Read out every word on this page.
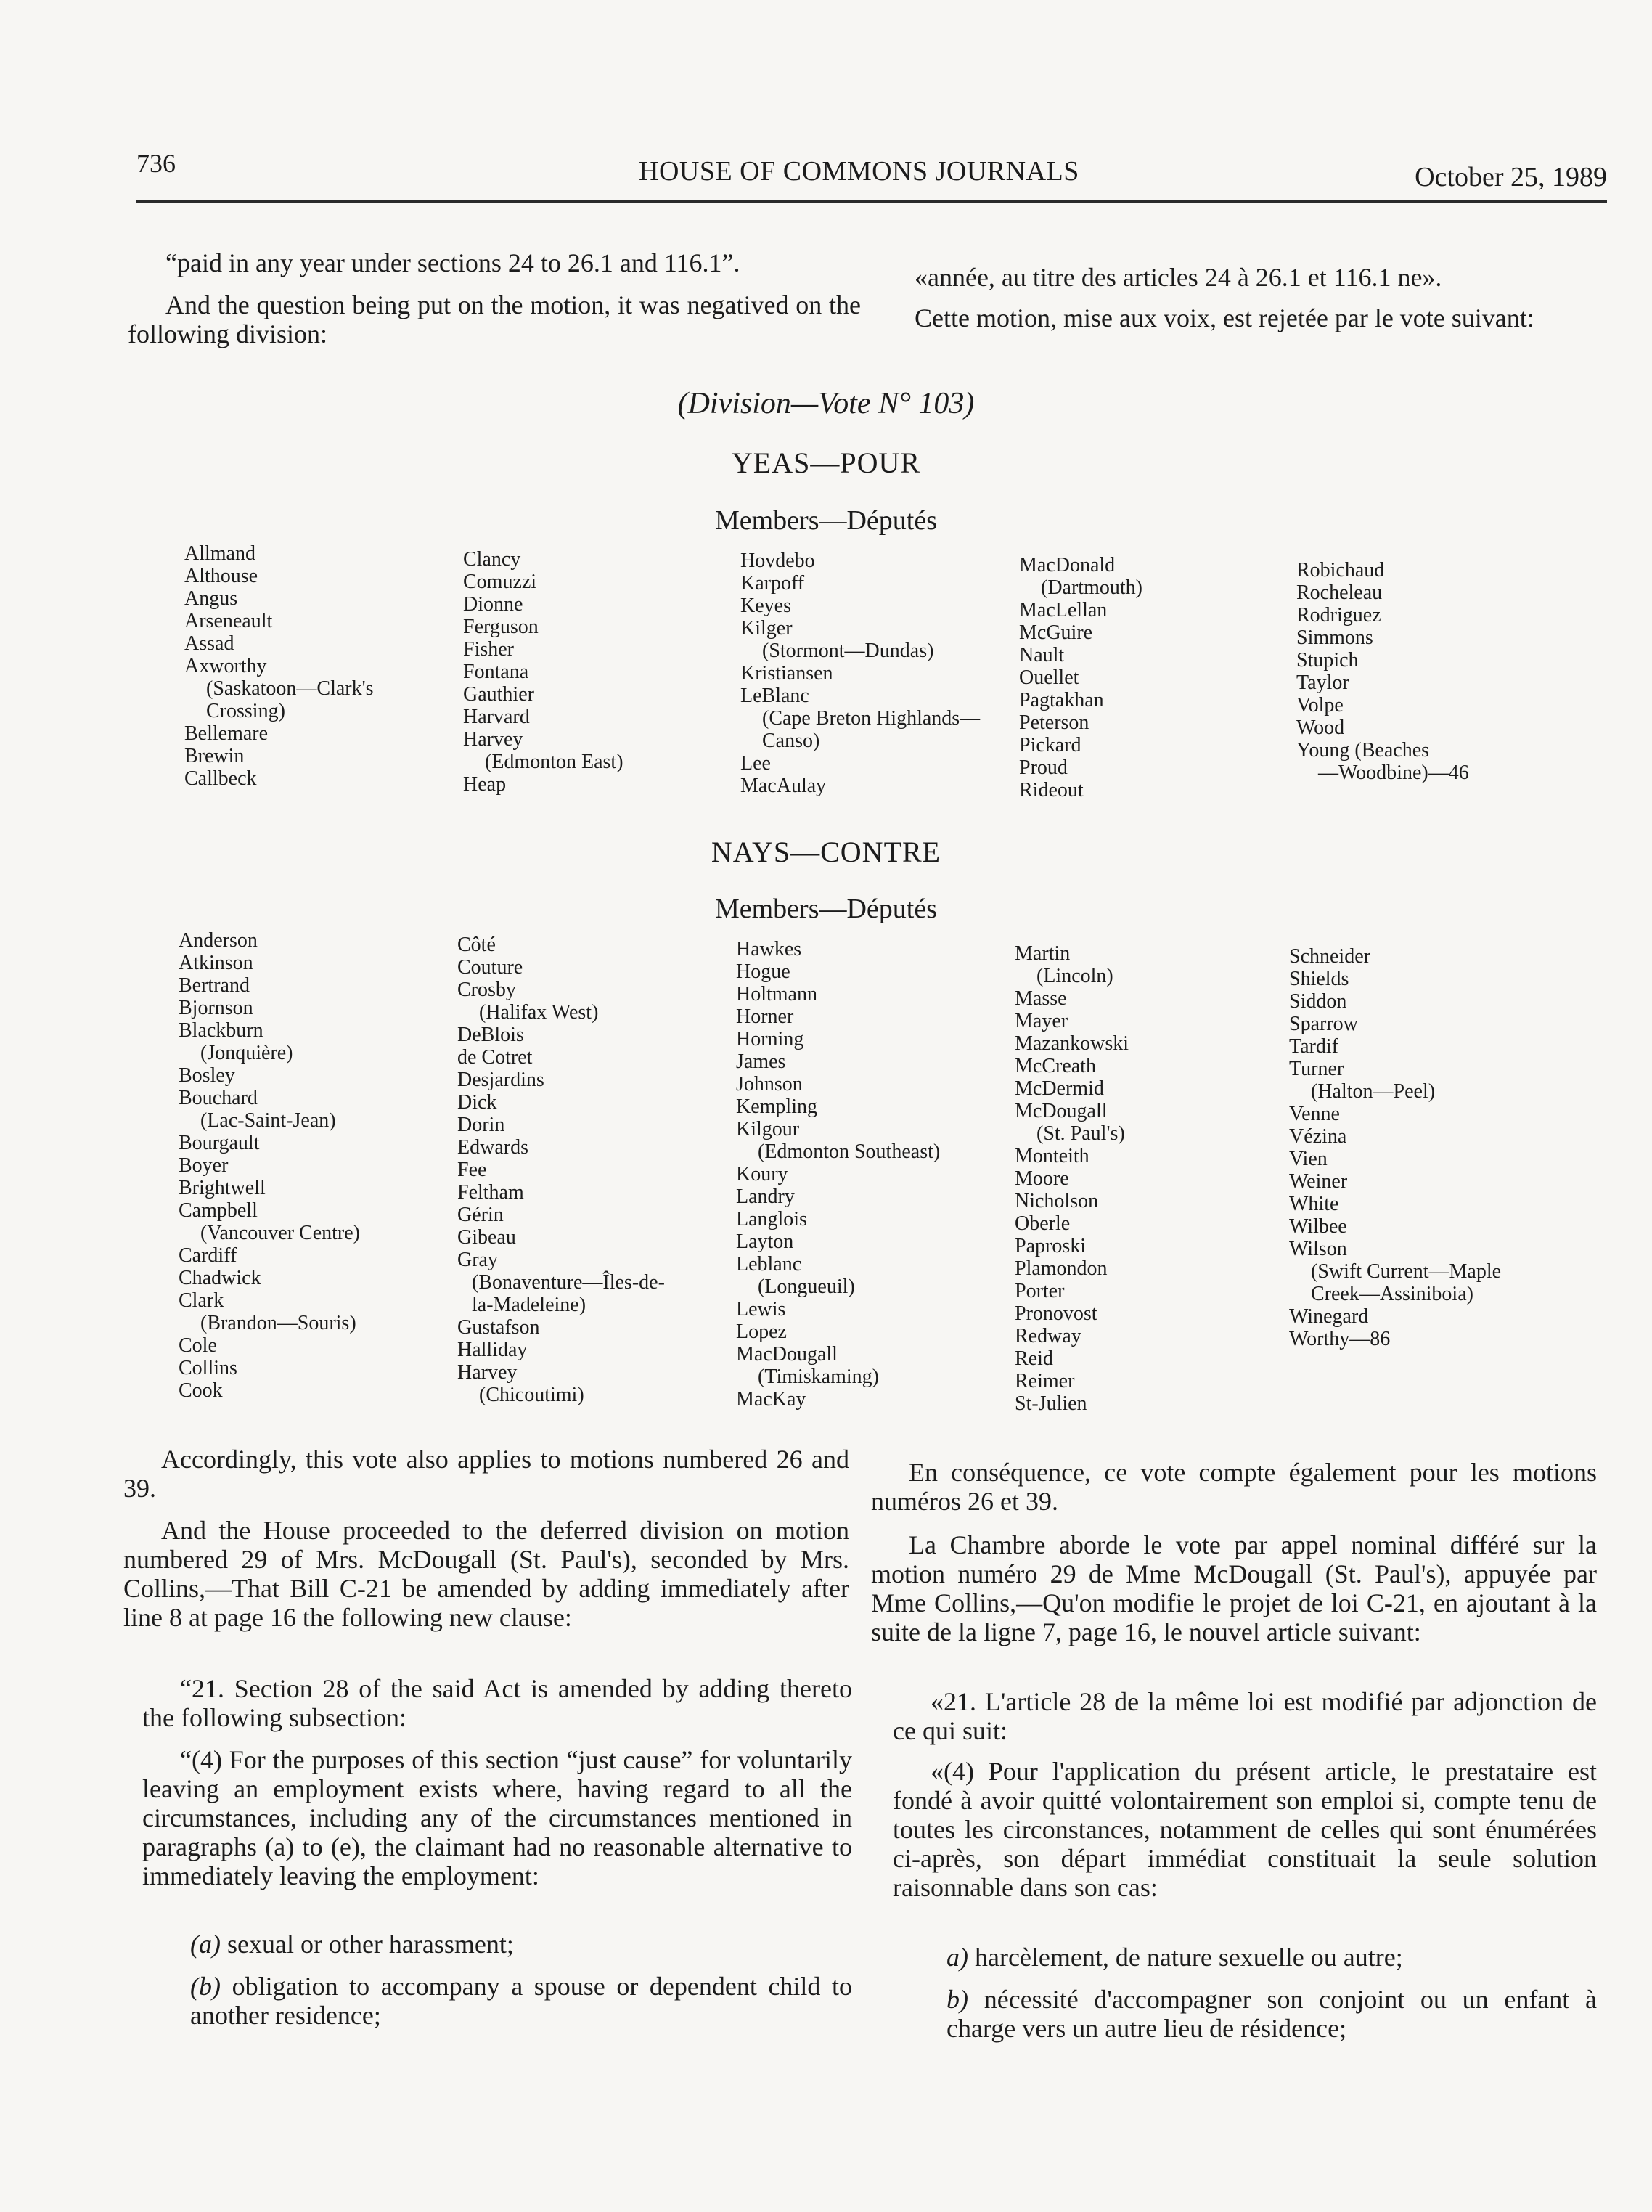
736	HOUSE OF COMMONS JOURNALS	October 25, 1989

“paid in any year under sections 24 to 26.1 and 116.1”.

And the question being put on the motion, it was negatived on the following division:

«année, au titre des articles 24 à 26.1 et 116.1 ne».

Cette motion, mise aux voix, est rejetée par le vote suivant:

(Division—Vote N° 103)

YEAS—POUR

Members—Députés

Allmand
Althouse
Angus
Arseneault
Assad
Axworthy
(Saskatoon—Clark's
Crossing)
Bellemare
Brewin
Callbeck
Clancy
Comuzzi
Dionne
Ferguson
Fisher
Fontana
Gauthier
Harvard
Harvey
(Edmonton East)
Heap
Hovdebo
Karpoff
Keyes
Kilger
(Stormont—Dundas)
Kristiansen
LeBlanc
(Cape Breton Highlands—
Canso)
Lee
MacAulay
MacDonald
(Dartmouth)
MacLellan
McGuire
Nault
Ouellet
Pagtakhan
Peterson
Pickard
Proud
Rideout
Robichaud
Rocheleau
Rodriguez
Simmons
Stupich
Taylor
Volpe
Wood
Young (Beaches
—Woodbine)—46

NAYS—CONTRE

Members—Députés

Anderson
Atkinson
Bertrand
Bjornson
Blackburn
(Jonquière)
Bosley
Bouchard
(Lac-Saint-Jean)
Bourgault
Boyer
Brightwell
Campbell
(Vancouver Centre)
Cardiff
Chadwick
Clark
(Brandon—Souris)
Cole
Collins
Cook
Côté
Couture
Crosby
(Halifax West)
DeBlois
de Cotret
Desjardins
Dick
Dorin
Edwards
Fee
Feltham
Gérin
Gibeau
Gray
(Bonaventure—Îles-de-
la-Madeleine)
Gustafson
Halliday
Harvey
(Chicoutimi)
Hawkes
Hogue
Holtmann
Horner
Horning
James
Johnson
Kempling
Kilgour
(Edmonton Southeast)
Koury
Landry
Langlois
Layton
Leblanc
(Longueuil)
Lewis
Lopez
MacDougall
(Timiskaming)
MacKay
Martin
(Lincoln)
Masse
Mayer
Mazankowski
McCreath
McDermid
McDougall
(St. Paul's)
Monteith
Moore
Nicholson
Oberle
Paproski
Plamondon
Porter
Pronovost
Redway
Reid
Reimer
St-Julien
Schneider
Shields
Siddon
Sparrow
Tardif
Turner
(Halton—Peel)
Venne
Vézina
Vien
Weiner
White
Wilbee
Wilson
(Swift Current—Maple
Creek—Assiniboia)
Winegard
Worthy—86

Accordingly, this vote also applies to motions numbered 26 and 39.

And the House proceeded to the deferred division on motion numbered 29 of Mrs. McDougall (St. Paul's), seconded by Mrs. Collins,—That Bill C-21 be amended by adding immediately after line 8 at page 16 the following new clause:

“21. Section 28 of the said Act is amended by adding thereto the following subsection:

“(4) For the purposes of this section “just cause” for voluntarily leaving an employment exists where, having regard to all the circumstances, including any of the circumstances mentioned in paragraphs (a) to (e), the claimant had no reasonable alternative to immediately leaving the employment:

(a) sexual or other harassment;

(b) obligation to accompany a spouse or dependent child to another residence;

En conséquence, ce vote compte également pour les motions numéros 26 et 39.

La Chambre aborde le vote par appel nominal différé sur la motion numéro 29 de Mme McDougall (St. Paul's), appuyée par Mme Collins,—Qu'on modifie le projet de loi C-21, en ajoutant à la suite de la ligne 7, page 16, le nouvel article suivant:

«21. L'article 28 de la même loi est modifié par adjonction de ce qui suit:

«(4) Pour l'application du présent article, le prestataire est fondé à avoir quitté volontairement son emploi si, compte tenu de toutes les circonstances, notamment de celles qui sont énumérées ci-après, son départ immédiat constituait la seule solution raisonnable dans son cas:

a) harcèlement, de nature sexuelle ou autre;

b) nécessité d'accompagner son conjoint ou un enfant à charge vers un autre lieu de résidence;
